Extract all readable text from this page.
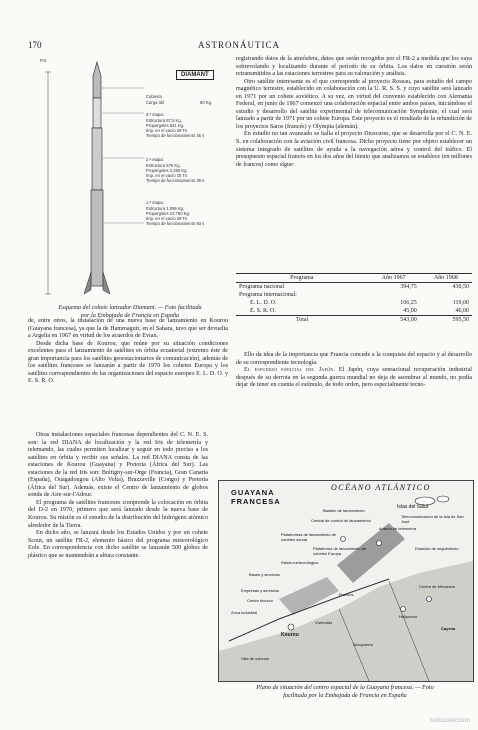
170	ASTRONÁUTICA
P.S
Cubierta
Carga útil	50 Kg.
3.ª etapa:
Estructura 87,5 Kg.
Propergoles 641 Kg.
Imp. en el vacío 29 Tn
Tiempo de funcionamiento 45 s
2.ª etapa:
Estructura 675 Kg.
Propergoles 2.260 Kg.
Imp. en el vacío 15 Tn
Tiempo de funcionamiento 39 s
1.ª etapa:
Estructura 1.095 Kg.
Propergoles 12.750 Kg.
Imp. en el vacío 29 Tn
Tiempo de funcionamiento 93 s
DIAMANT
Esquema del cohete lanzador Diamant. — Foto facilitada
por la Embajada de Francia en España

registrando datos de la atmósfera, datos que serán recogidos por el FR-2 a medida que los vaya sobrevolando y localizando durante el período de su órbita. Los datos en cuestión serán retransmitidos a las estaciones terrestres para su valoración y análisis.

Otro satélite interesante es el que corresponde al proyecto Roseau, para estudio del campo magnético terrestre, establecido en colaboración con la U. R. S. S. y cuyo satélite será lanzado en 1971 por un cohete soviético. A su vez, en virtud del convenio establecido con Alemania Federal, en junio de 1967 comenzó una colaboración espacial entre ambos países, iniciándose el estudio y desarrollo del satélite experimental de telecomunicación Symphonie, el cual será lanzado a partir de 1971 por un cohete Europa. Este proyecto es el resultado de la refundición de los proyectos Saros (francés) y Olympia (alemán).

En estudio no tan avanzado se halla el proyecto Dioscures, que se desarrolla por el C. N. E. S. en colaboración con la aviación civil francesa. Dicho proyecto tiene por objeto establecer un sistema integrado de satélites de ayuda a la navegación aérea y control del tráfico. El presupuesto espacial francés en los dos años del bienio que analizamos se establece (en millones de francos) como sigue:

Programa	Año 1967	Año 1968
Programa nacional	394,75	430,50
Programa internacional:		
E. L. D. O.	106,25	119,00
E. S. R. O.	45,00	46,00
Total	543,00	595,50

Ello da idea de la importancia que Francia concede a la conquista del espacio y al desarrollo de su correspondiente tecnología.

El esfuerzo espacial del Japón. El Japón, cuya sensacional recuperación industrial después de su derrota en la segunda guerra mundial no deja de asombrar al mundo, no podía dejar de tener en cuenta el estímulo, de todo orden, pero especialmente tecno-

de, entre otros, la instalación de una nueva base de lanzamiento en Kourou (Guayana francesa), ya que la de Hammaguir, en el Sahara, tuvo que ser devuelta a Argelia en 1967 en virtud de los acuerdos de Evian.

Desde dicha base de Kourou, que reúne por su situación condiciones excelentes para el lanzamiento de satélites en órbita ecuatorial (extremo éste de gran importancia para los satélites geoestacionarios de comunicación), además de los satélites franceses se lanzarán a partir de 1970 los cohetes Europa y los satélites correspondientes de las organizaciones del espacio europeo E. L. D. O. y E. S. R. O.

Otras instalaciones espaciales francesas dependientes del C. N. E. S. son: la red DIANA de localización y la red Iris de telemetría y telemando, las cuales permiten localizar y seguir en todo preciso a los satélites en órbita y recibir sus señales. La red DIANA consta de las estaciones de Kourou (Guayana) y Pretoria (África del Sur). Las estaciones de la red Iris son: Brétigny-sur-Orge (Francia), Gran Canaria (España), Ouagadougou (Alto Volta), Brazzaville (Congo) y Pretoria (África del Sur). Además, existe el Centro de lanzamiento de globos sonda de Aire-sur-l'Adour.

El programa de satélites franceses comprende la colocación en órbita del D-2 en 1970, primero que será lanzado desde la nueva base de Kourou. Su misión es el estudio de la distribución del hidrógeno atómico alrededor de la Tierra.

En dicho año, se lanzará desde los Estados Unidos y por un cohete Scout, un satélite FR-2, elemento básico del programa meteorológico Eole. En correspondencia con dicho satélite se lanzarán 500 globos de plástico que se mantendrán a altura constante.

GUAYANA
FRANCESA
OCÉANO ATLÁNTICO
Islas del Salut
Kourou
Bastión de lanzamiento
Central de control de lanzamiento
Plataformas de lanzamiento de cohetes sonda
Plataforma de lanzamiento de cohetes Europa
Radar-meteorológico
Antena de telemetría
Bases y servicios
Empresas y servicios
Centro técnico
Zona industrial
Pueblos
Villa de colonos
Viviendas
Aeropuerto
Helipuerto
Centro de Mecánica
Telecomunicación de la Isla de San José
Estación de seguimiento
Cayena
Plano de situación del centro espacial de la Guayana francesa. — Foto
facilitada por la Embajada de Francia en España
todocoleccion
